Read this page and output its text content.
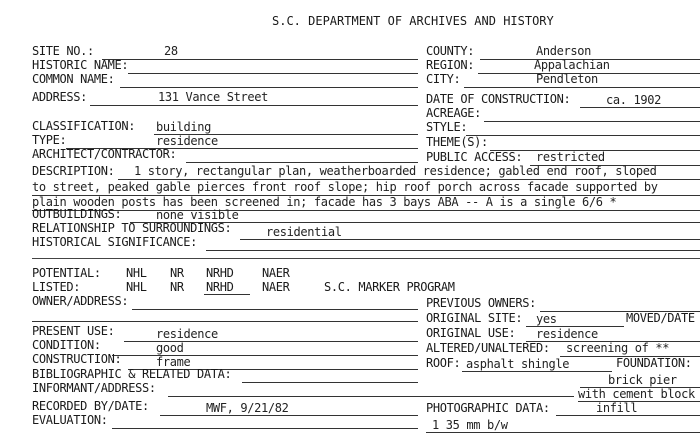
S.C. DEPARTMENT OF ARCHIVES AND HISTORY
SITE NO.:	28	COUNTY:	Anderson
HISTORIC NAME:	REGION:	Appalachian
COMMON NAME:	CITY:	Pendleton
ADDRESS:	131 Vance Street	DATE OF CONSTRUCTION:	ca. 1902
ACREAGE:
CLASSIFICATION: building	STYLE:
TYPE:	residence	THEME(S):
ARCHITECT/CONTRACTOR:	PUBLIC ACCESS: restricted
DESCRIPTION: 1 story, rectangular plan, weatherboarded residence; gabled end roof, sloped
to street, peaked gable pierces front roof slope; hip roof porch across facade supported by
plain wooden posts has been screened in; facade has 3 bays ABA -- A is a single 6/6 *
OUTBUILDINGS:	none visible
RELATIONSHIP TO SURROUNDINGS:	residential
HISTORICAL SIGNIFICANCE:
POTENTIAL: NHL NR NRHD NAER
LISTED:	NHL NR NRHD NAER	S.C. MARKER PROGRAM
OWNER/ADDRESS:	PREVIOUS OWNERS:
ORIGINAL SITE: yes	MOVED/DATE
PRESENT USE:	residence	ORIGINAL USE: residence
CONDITION:	good	ALTERED/UNALTERED: screening of **
CONSTRUCTION:	frame	ROOF: asphalt shingle	FOUNDATION:
BIBLIOGRAPHIC & RELATED DATA:	brick pier
INFORMANT/ADDRESS:	with cement block
RECORDED BY/DATE:	MWF, 9/21/82	PHOTOGRAPHIC DATA:	infill
EVALUATION:	1 35 mm b/w
